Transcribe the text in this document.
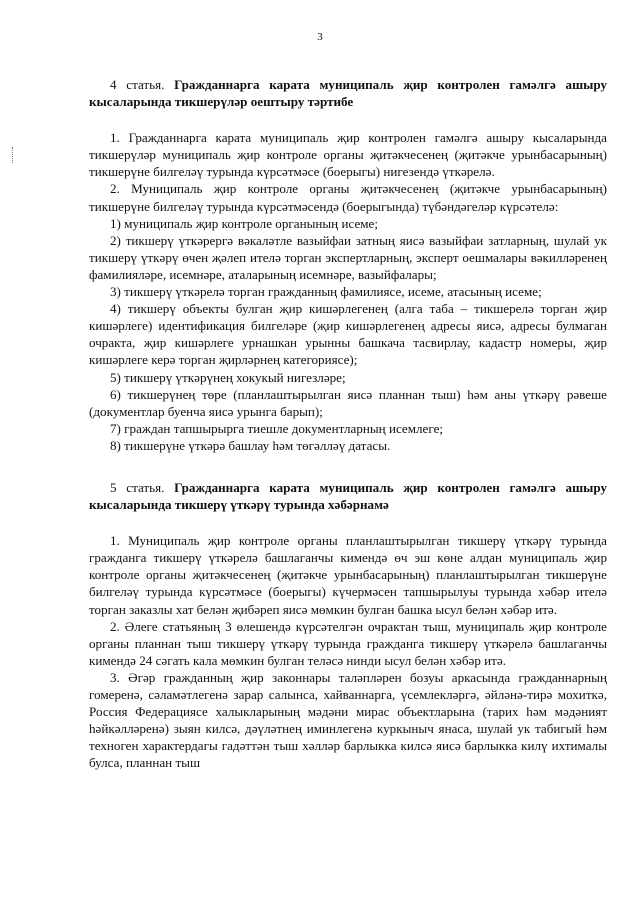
3

4 статья. Гражданнарга карата муниципаль җир контролен гамәлгә ашыру кысаларында тикшерүләр оештыру тәртибе

1. Гражданнарга карата муниципаль җир контролен гамәлгә ашыру кысаларында тикшерүләр муниципаль җир контроле органы җитәкчесенең (җитәкче урынбасарының) тикшерүне билгеләү турында күрсәтмәсе (боерыгы) нигезендә үткәрелә.

2. Муниципаль җир контроле органы җитәкчесенең (җитәкче урынбасарының) тикшерүне билгеләү турында күрсәтмәсендә (боерыгында) түбәндәгеләр күрсәтелә:

1) муниципаль җир контроле органының исеме;

2) тикшерү үткәрергә вәкаләтле вазыйфаи затның яисә вазыйфаи затларның, шулай ук тикшерү үткәрү өчен җәлеп ителә торган экспертларның, эксперт оешмалары вәкилләренең фамилияләре, исемнәре, аталарының исемнәре, вазыйфалары;

3) тикшерү үткәрелә торган гражданның фамилиясе, исеме, атасының исеме;

4) тикшерү объекты булган җир кишәрлегенең (алга таба – тикшерелә торган җир кишәрлеге) идентификация билгеләре (җир кишәрлегенең адресы яисә, адресы булмаган очракта, җир кишәрлеге урнашкан урынны башкача тасвирлау, кадастр номеры, җир кишәрлеге керә торган җирләрнең категориясе);

5) тикшерү үткәрүнең хокукый нигезләре;

6) тикшерүнең төре (планлаштырылган яисә планнан тыш) һәм аны үткәрү рәвеше (документлар буенча яисә урынга барып);

7) граждан тапшырырга тиешле документларның исемлеге;

8) тикшерүне үткәрә башлау һәм төгәлләү датасы.

5 статья. Гражданнарга карата муниципаль җир контролен гамәлгә ашыру кысаларында тикшерү үткәрү турында хәбәрнамә

1. Муниципаль җир контроле органы планлаштырылган тикшерү үткәрү турында гражданга тикшерү үткәрелә башлаганчы кимендә өч эш көне алдан муниципаль җир контроле органы җитәкчесенең (җитәкче урынбасарының) планлаштырылган тикшерүне билгеләү турында күрсәтмәсе (боерыгы) күчермәсен тапшырылуы турында хәбәр ителә торган заказлы хат белән җибәреп яисә мөмкин булган башка ысул белән хәбәр итә.

2. Әлеге статьяның 3 өлешендә күрсәтелгән очрактан тыш, муниципаль җир контроле органы планнан тыш тикшерү үткәрү турында гражданга тикшерү үткәрелә башлаганчы кимендә 24 сәгать кала мөмкин булган теләсә нинди ысул белән хәбәр итә.

3. Әгәр гражданның җир законнары таләпләрен бозуы аркасында гражданнарның гомеренә, сәламәтлегенә зарар салынса, хайваннарга, үсемлекләргә, әйләнә-тирә мохиткә, Россия Федерациясе халыкларының мәдәни мирас объектларына (тарих һәм мәдәният һәйкәлләренә) зыян килсә, дәүләтнең иминлегенә куркыныч янаса, шулай ук табигый һәм техноген характердагы гадәттән тыш хәлләр барлыкка килсә яисә барлыкка килү ихтималы булса, планнан тыш
